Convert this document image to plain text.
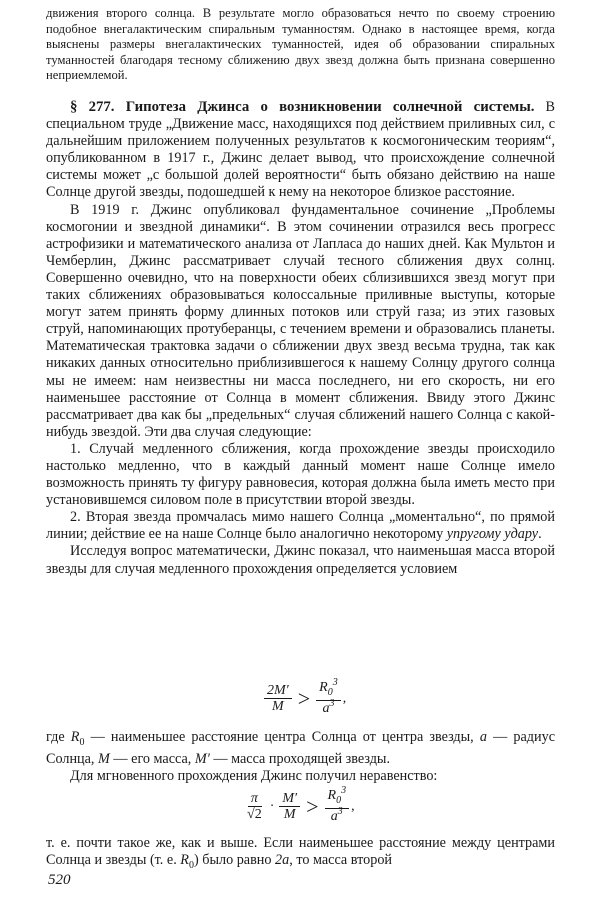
движения второго солнца. В результате могло образоваться нечто по своему строению подобное внегалактическим спиральным туманностям. Однако в настоящее время, когда выяснены размеры внегалактических туманностей, идея об образовании спиральных туманностей благодаря тесному сближению двух звезд должна быть признана совершенно неприемлемой.

§ 277. Гипотеза Джинса о возникновении солнечной системы. В специальном труде „Движение масс, находящихся под действием приливных сил, с дальнейшим приложением полученных результатов к космогоническим теориям“, опубликованном в 1917 г., Джинс делает вывод, что происхождение солнечной системы может „с большой долей вероятности“ быть обязано действию на наше Солнце другой звезды, подошедшей к нему на некоторое близкое расстояние.

В 1919 г. Джинс опубликовал фундаментальное сочинение „Проблемы космогонии и звездной динамики“. В этом сочинении отразился весь прогресс астрофизики и математического анализа от Лапласа до наших дней. Как Мультон и Чемберлин, Джинс рассматривает случай тесного сближения двух солнц. Совершенно очевидно, что на поверхности обеих сблизившихся звезд могут при таких сближениях образовываться колоссальные приливные выступы, которые могут затем принять форму длинных потоков или струй газа; из этих газовых струй, напоминающих протуберанцы, с течением времени и образовались планеты. Математическая трактовка задачи о сближении двух звезд весьма трудна, так как никаких данных относительно приблизившегося к нашему Солнцу другого солнца мы не имеем: нам неизвестны ни масса последнего, ни его скорость, ни его наименьшее расстояние от Солнца в момент сближения. Ввиду этого Джинс рассматривает два как бы „предельных“ случая сближений нашего Солнца с какой-нибудь звездой. Эти два случая следующие:

1. Случай медленного сближения, когда прохождение звезды происходило настолько медленно, что в каждый данный момент наше Солнце имело возможность принять ту фигуру равновесия, которая должна была иметь место при установившемся силовом поле в присутствии второй звезды.

2. Вторая звезда промчалась мимо нашего Солнца „моментально“, по прямой линии; действие ее на наше Солнце было аналогично некоторому упругому удару.

Исследуя вопрос математически, Джинс показал, что наименьшая масса второй звезды для случая медленного прохождения определяется условием

$\frac{2M'}{M} > \frac{R_0^3}{a^3}$ ,

где $R_0$ — наименьшее расстояние центра Солнца от центра звезды, a — радиус Солнца, M — его масса, M′ — масса проходящей звезды.

Для мгновенного прохождения Джинс получил неравенство:

$\frac{\pi}{√2} \cdot \frac{M'}{M} > \frac{R_0^3}{a^3}$ ,

т. е. почти такое же, как и выше. Если наименьшее расстояние между центрами Солнца и звезды (т. е. $R_0$) было равно 2a, то масса второй

520
